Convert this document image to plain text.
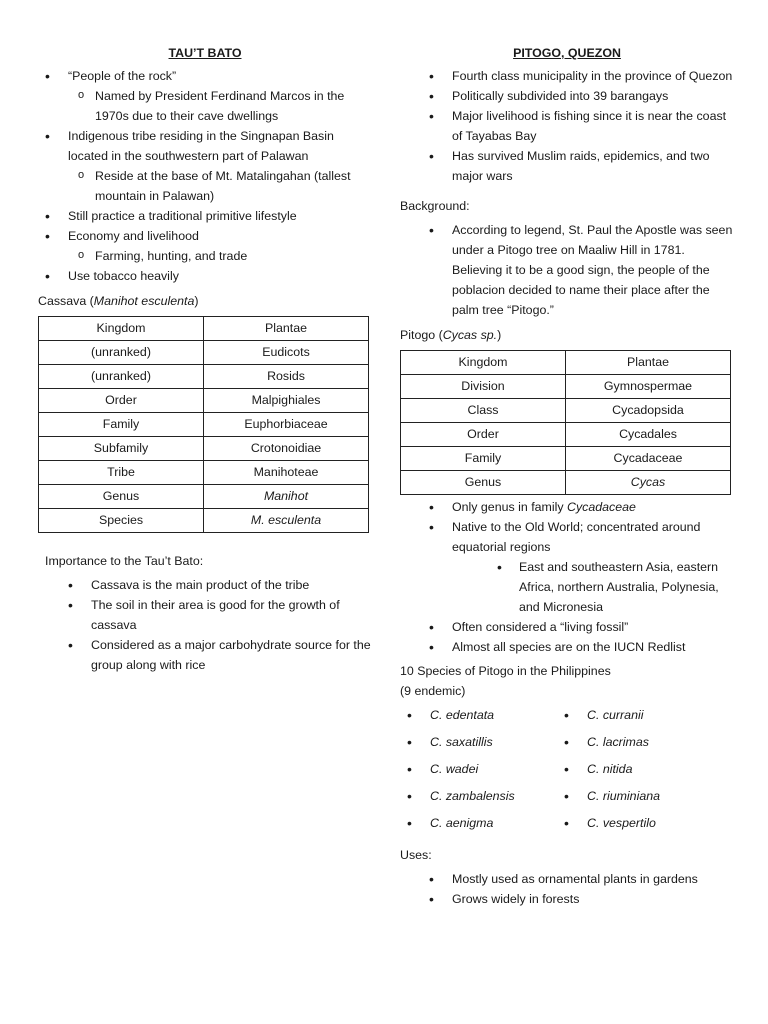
TAU’T BATO
• “People of the rock”
o Named by President Ferdinand Marcos in the 1970s due to their cave dwellings
• Indigenous tribe residing in the Singnapan Basin located in the southwestern part of Palawan
o Reside at the base of Mt. Matalingahan (tallest mountain in Palawan)
• Still practice a traditional primitive lifestyle
• Economy and livelihood
o Farming, hunting, and trade
• Use tobacco heavily
Cassava (Manihot esculenta)
Kingdom	Plantae
(unranked)	Eudicots
(unranked)	Rosids
Order	Malpighiales
Family	Euphorbiaceae
Subfamily	Crotonoidiae
Tribe	Manihoteae
Genus	Manihot
Species	M. esculenta
Importance to the Tau’t Bato:
• Cassava is the main product of the tribe
• The soil in their area is good for the growth of cassava
• Considered as a major carbohydrate source for the group along with rice
PITOGO, QUEZON
• Fourth class municipality in the province of Quezon
• Politically subdivided into 39 barangays
• Major livelihood is fishing since it is near the coast of Tayabas Bay
• Has survived Muslim raids, epidemics, and two major wars
Background:
• According to legend, St. Paul the Apostle was seen under a Pitogo tree on Maaliw Hill in 1781. Believing it to be a good sign, the people of the poblacion decided to name their place after the palm tree “Pitogo.”
Pitogo (Cycas sp.)
Kingdom	Plantae
Division	Gymnospermae
Class	Cycadopsida
Order	Cycadales
Family	Cycadaceae
Genus	Cycas
• Only genus in family Cycadaceae
• Native to the Old World; concentrated around equatorial regions
• East and southeastern Asia, eastern Africa, northern Australia, Polynesia, and Micronesia
• Often considered a “living fossil”
• Almost all species are on the IUCN Redlist
10 Species of Pitogo in the Philippines
(9 endemic)
• C. edentata	• C. curranii
• C. saxatillis	• C. lacrimas
• C. wadei	• C. nitida
• C. zambalensis	• C. riuminiana
• C. aenigma	• C. vespertilo
Uses:
• Mostly used as ornamental plants in gardens
• Grows widely in forests
